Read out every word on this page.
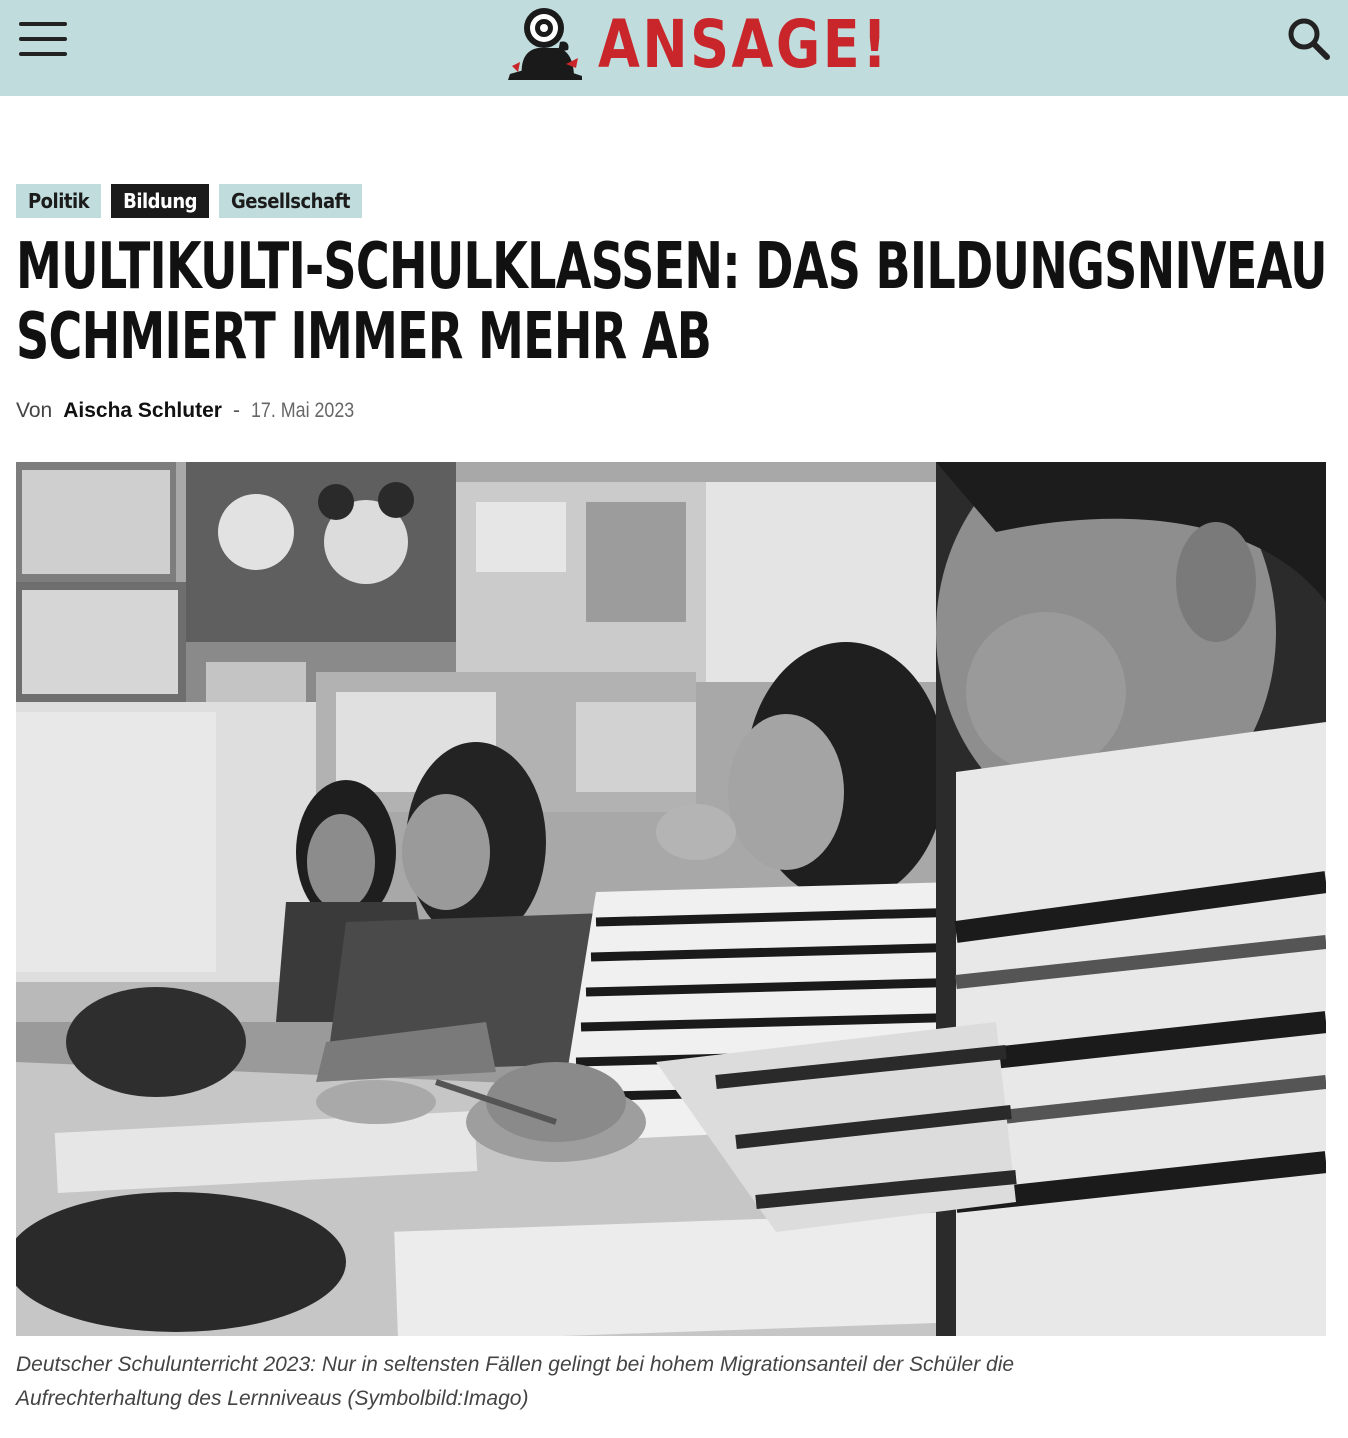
ANSAGE!
Politik	Bildung	Gesellschaft
MULTIKULTI-SCHULKLASSEN: DAS BILDUNGSNIVEAU
SCHMIERT IMMER MEHR AB
Von Aischa Schluter - 17. Mai 2023
Deutscher Schulunterricht 2023: Nur in seltensten Fällen gelingt bei hohem Migrationsanteil der Schüler die
Aufrechterhaltung des Lernniveaus (Symbolbild:Imago)
